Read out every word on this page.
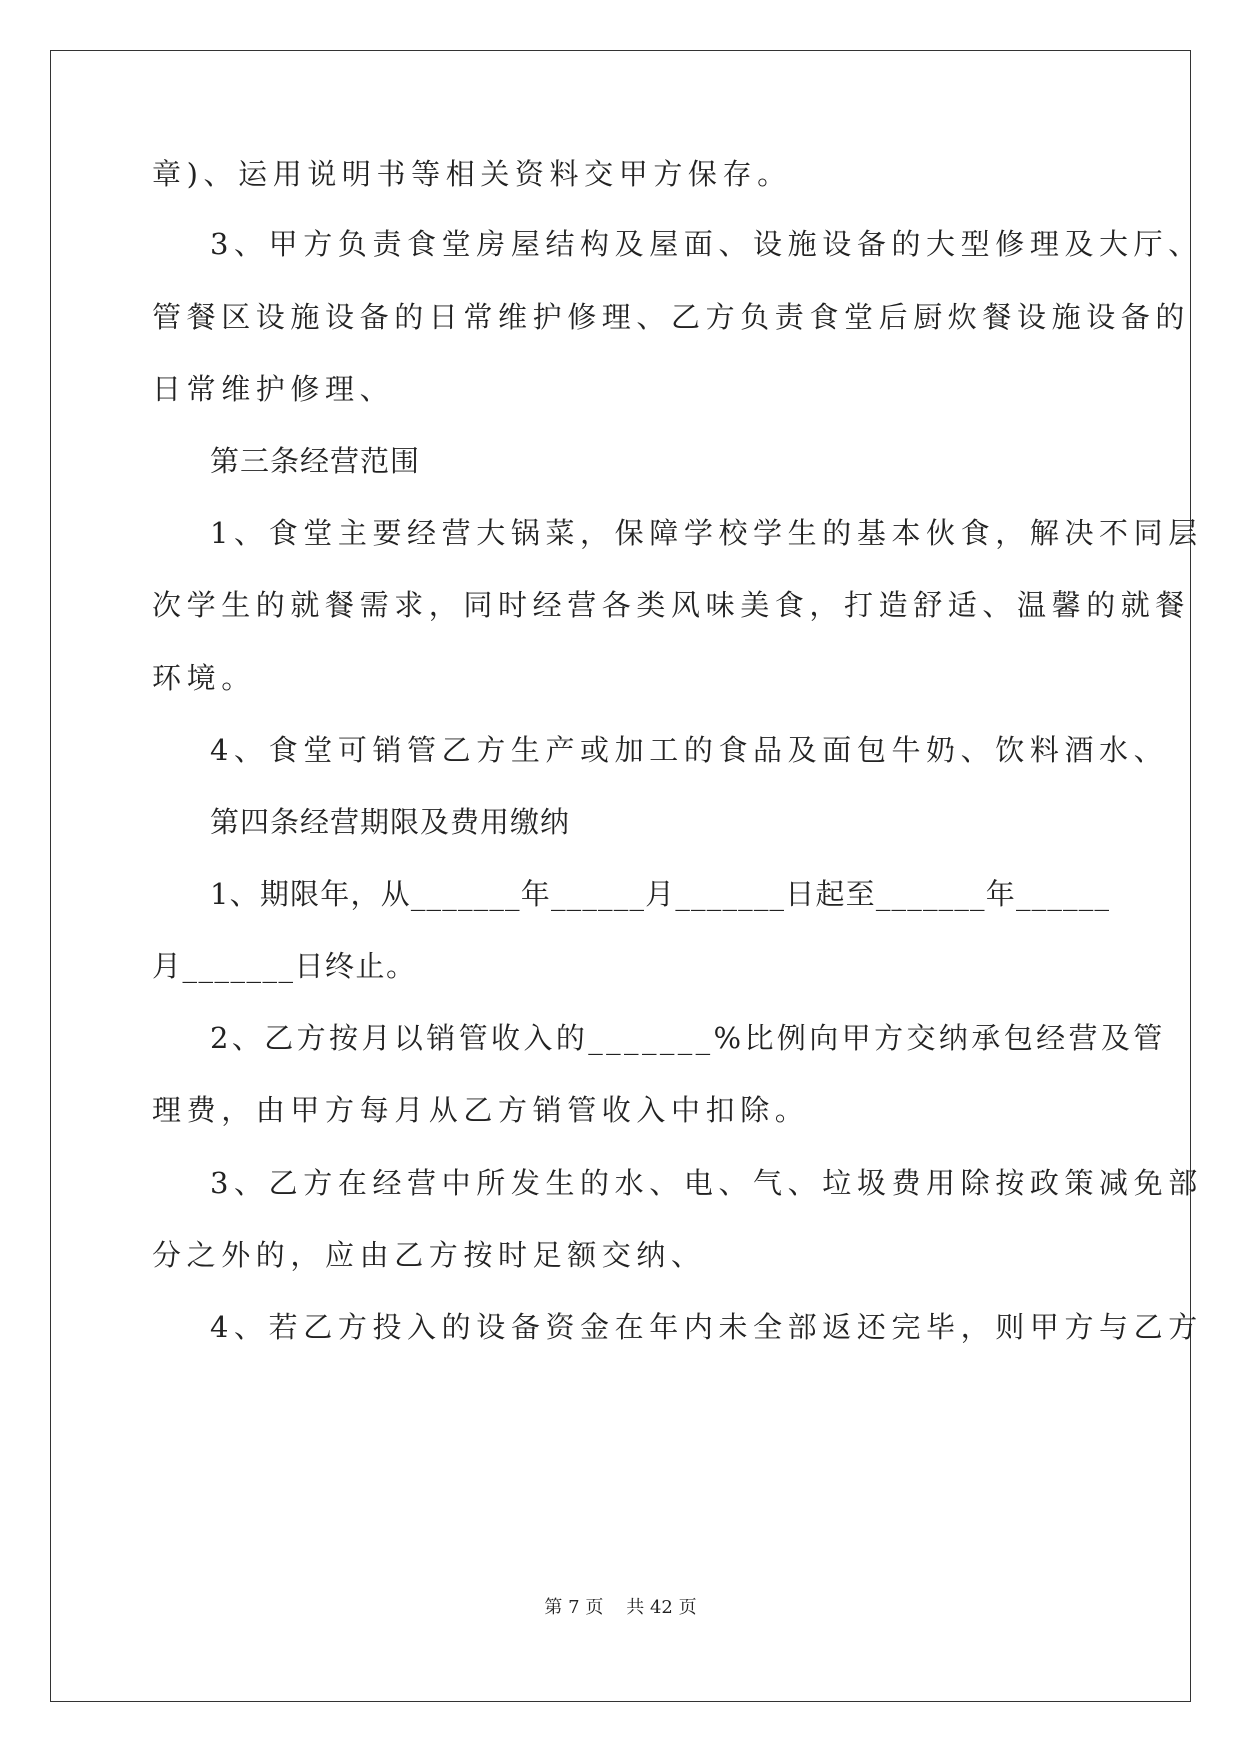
章)、运用说明书等相关资料交甲方保存。
3、甲方负责食堂房屋结构及屋面、设施设备的大型修理及大厅、
管餐区设施设备的日常维护修理、乙方负责食堂后厨炊餐设施设备的
日常维护修理、
第三条经营范围
1、食堂主要经营大锅菜，保障学校学生的基本伙食，解决不同层
次学生的就餐需求，同时经营各类风味美食，打造舒适、温馨的就餐
环境。
4、食堂可销管乙方生产或加工的食品及面包牛奶、饮料酒水、
第四条经营期限及费用缴纳
1、期限年，从_______年______月_______日起至_______年______
月_______日终止。
2、乙方按月以销管收入的_______%比例向甲方交纳承包经营及管
理费，由甲方每月从乙方销管收入中扣除。
3、乙方在经营中所发生的水、电、气、垃圾费用除按政策减免部
分之外的，应由乙方按时足额交纳、
4、若乙方投入的设备资金在年内未全部返还完毕，则甲方与乙方
第 7 页 共 42 页
